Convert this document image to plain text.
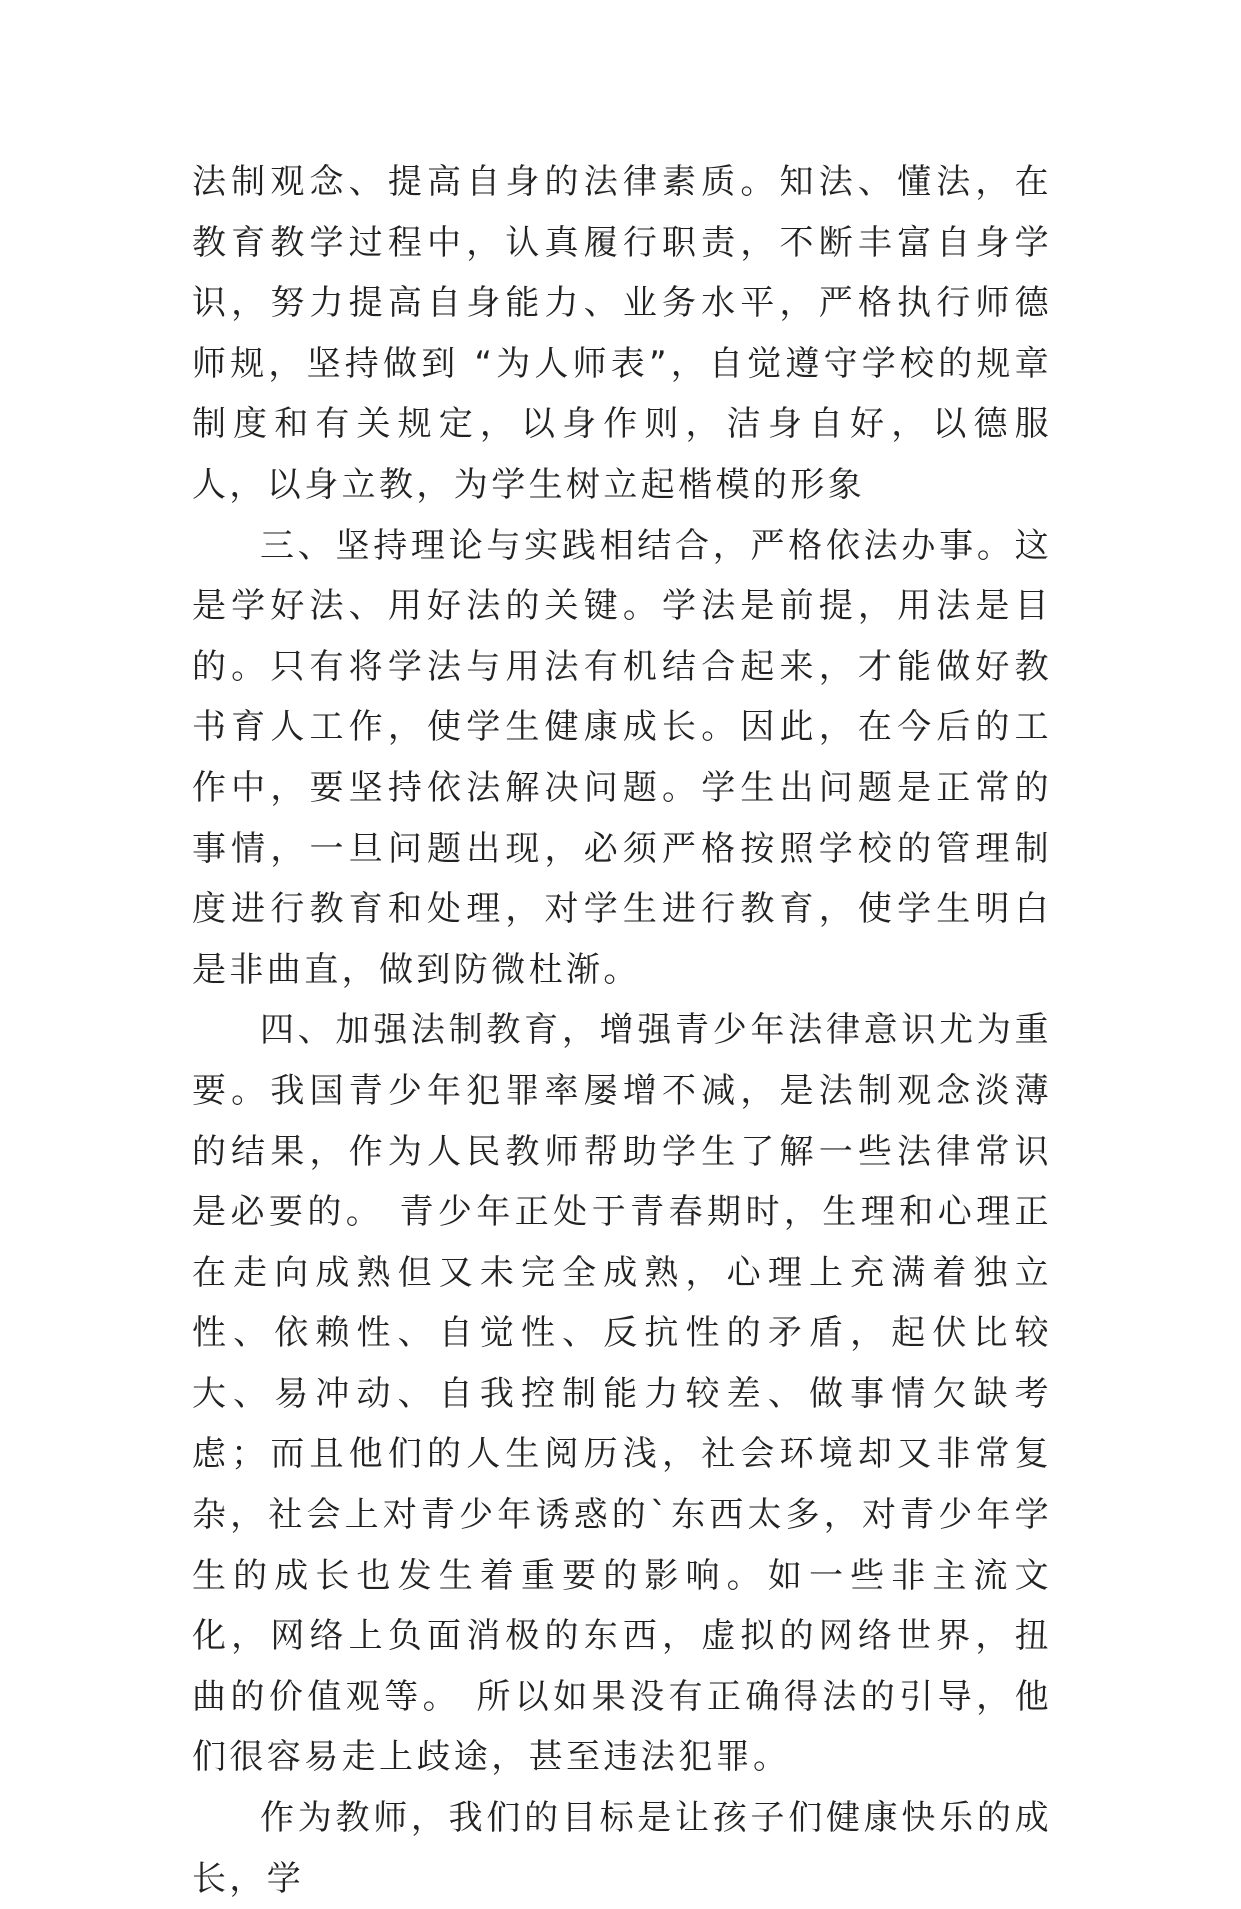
法制观念、提高自身的法律素质。知法、懂法，在教育教学过程中，认真履行职责，不断丰富自身学识，努力提高自身能力、业务水平，严格执行师德师规，坚持做到 “为人师表”，自觉遵守学校的规章制度和有关规定，以身作则，洁身自好，以德服人，以身立教，为学生树立起楷模的形象

三、坚持理论与实践相结合，严格依法办事。这是学好法、用好法的关键。学法是前提，用法是目的。只有将学法与用法有机结合起来，才能做好教书育人工作，使学生健康成长。因此，在今后的工作中，要坚持依法解决问题。学生出问题是正常的事情，一旦问题出现，必须严格按照学校的管理制度进行教育和处理，对学生进行教育，使学生明白是非曲直，做到防微杜渐。

四、加强法制教育，增强青少年法律意识尤为重要。我国青少年犯罪率屡增不减，是法制观念淡薄的结果，作为人民教师帮助学生了解一些法律常识是必要的。 青少年正处于青春期时，生理和心理正在走向成熟但又未完全成熟，心理上充满着独立性、依赖性、自觉性、反抗性的矛盾，起伏比较大、易冲动、自我控制能力较差、做事情欠缺考虑；而且他们的人生阅历浅，社会环境却又非常复杂，社会上对青少年诱惑的`东西太多，对青少年学生的成长也发生着重要的影响。如一些非主流文化，网络上负面消极的东西，虚拟的网络世界，扭曲的价值观等。 所以如果没有正确得法的引导，他们很容易走上歧途，甚至违法犯罪。

作为教师，我们的目标是让孩子们健康快乐的成长，学
